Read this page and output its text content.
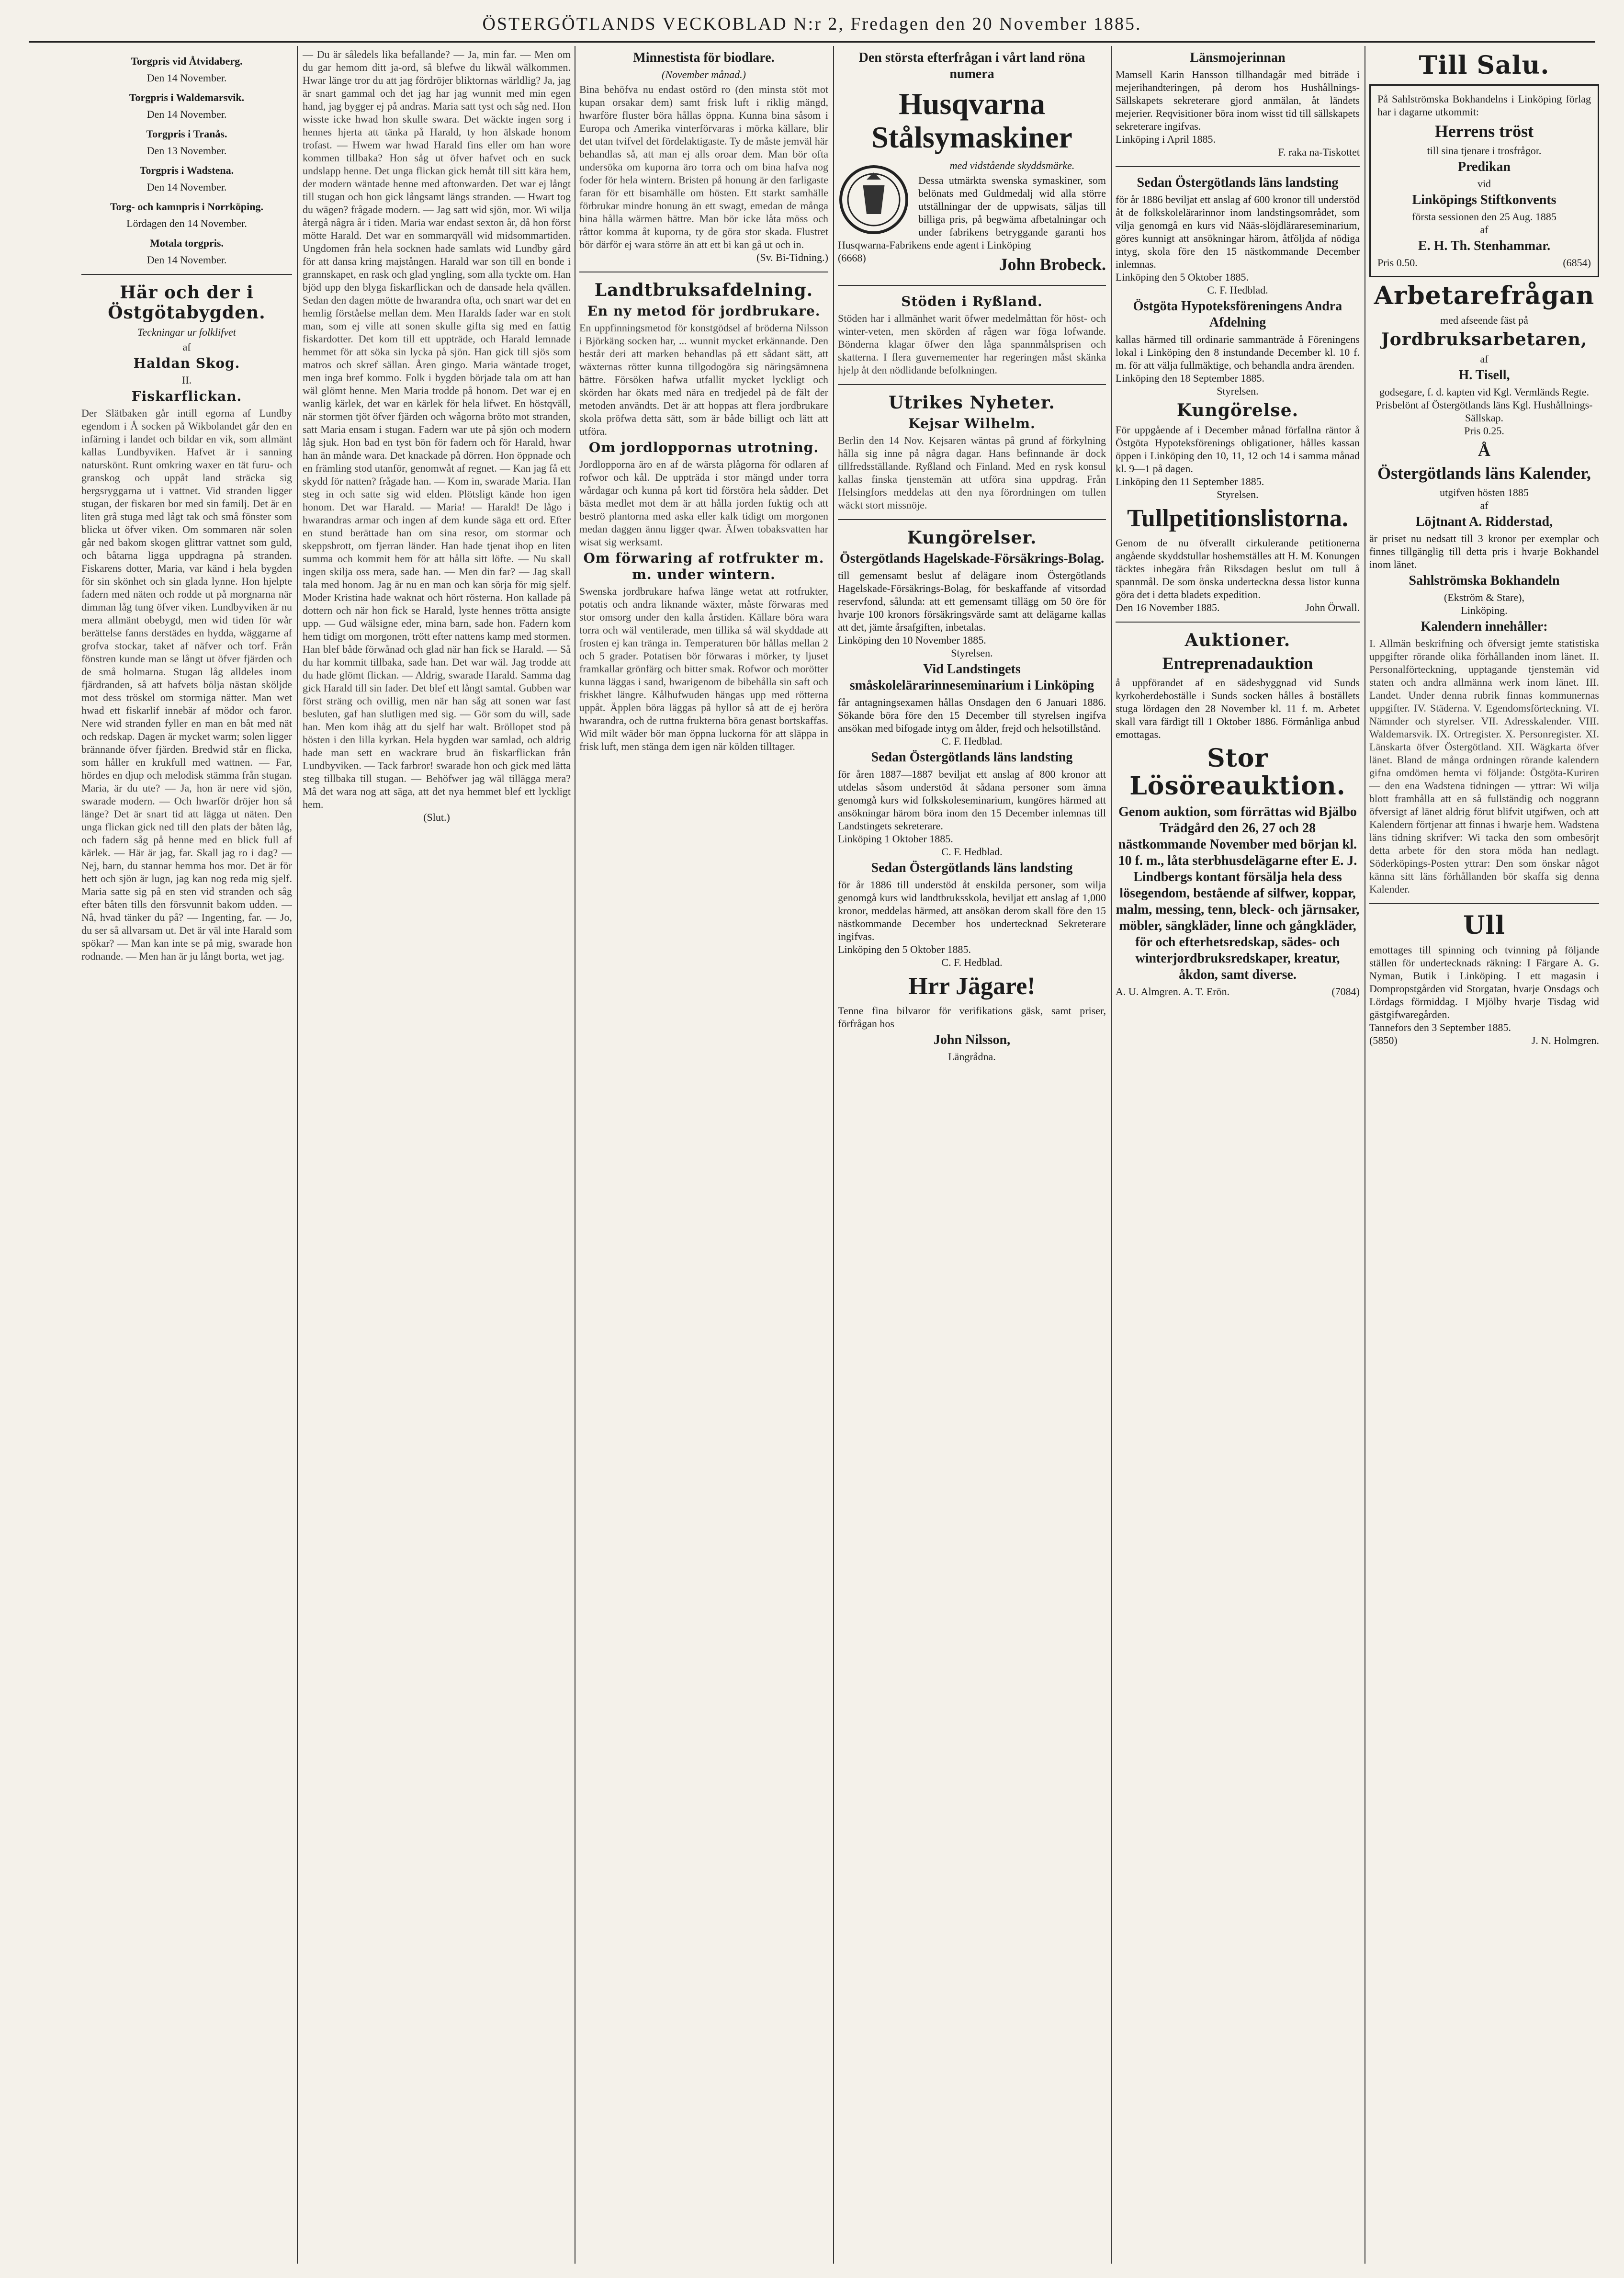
ÖSTERGÖTLANDS VECKOBLAD N:r 2, Fredagen den 20 November 1885.
Torgpris vid Åtvidaberg.
Den 14 November.
Torgpris i Waldemarsvik.
Den 14 November.
Torgpris i Tranås.
Den 13 November.
Torgpris i Wadstena.
Den 14 November.
Torg- och kamnpris i Norrköping.
Lördagen den 14 November.
Motala torgpris.
Den 14 November.
Här och der i Östgötabygden.
Teckningar ur folklifvet
af
Haldan Skog.
II.
Fiskarflickan.
Der Slätbaken går intill egorna af Lundby egendom i Å socken på Wikbolandet går den en infärning i landet och bildar en vik, som allmänt kallas Lundbyviken. Hafvet är i sanning naturskönt. Runt omkring waxer en tät furu- och granskog och uppåt land sträcka sig bergsryggarna ut i vattnet. Vid stranden ligger stugan, der fiskaren bor med sin familj. Det är en liten grå stuga med lågt tak och små fönster som blicka ut öfver viken. Om sommaren när solen går ned bakom skogen glittrar vattnet som guld, och båtarna ligga uppdragna på stranden. Fiskarens dotter, Maria, var känd i hela bygden för sin skönhet och sin glada lynne. Hon hjelpte fadern med näten och rodde ut på morgnarna när dimman låg tung öfver viken. Lundbyviken är nu mera allmänt obebygd, men wid tiden för wår berättelse fanns derstädes en hydda, wäggarne af grofva stockar, taket af näfver och torf. Från fönstren kunde man se långt ut öfver fjärden och de små holmarna. Stugan låg alldeles inom fjärdranden, så att hafvets bölja nästan sköljde mot dess tröskel om stormiga nätter. Man wet hwad ett fiskarlif innebär af mödor och faror. Nere wid stranden fyller en man en båt med nät och redskap. Dagen är mycket warm; solen ligger brännande öfver fjärden. Bredwid står en flicka, som håller en krukfull med wattnen. — Far, hördes en djup och melodisk stämma från stugan. Maria, är du ute? — Ja, hon är nere vid sjön, swarade modern. — Och hwarför dröjer hon så länge? Det är snart tid att lägga ut näten. Den unga flickan gick ned till den plats der båten låg, och fadern såg på henne med en blick full af kärlek. — Här är jag, far. Skall jag ro i dag? — Nej, barn, du stannar hemma hos mor. Det är för hett och sjön är lugn, jag kan nog reda mig sjelf. Maria satte sig på en sten vid stranden och såg efter båten tills den försvunnit bakom udden. — Nå, hvad tänker du på? — Ingenting, far. — Jo, du ser så allvarsam ut. Det är väl inte Harald som spökar? — Man kan inte se på mig, swarade hon rodnande. — Men han är ju långt borta, wet jag.
— Du är såledels lika befallande? — Ja, min far. — Men om du gar hemom ditt ja-ord, så blefwe du likwäl wälkommen. Hwar länge tror du att jag fördröjer bliktornas wärldlig? Ja, jag är snart gammal och det jag har jag wunnit med min egen hand, jag bygger ej på andras. Maria satt tyst och såg ned. Hon wisste icke hwad hon skulle swara. Det wäckte ingen sorg i hennes hjerta att tänka på Harald, ty hon älskade honom trofast. — Hwem war hwad Harald fins eller om han wore kommen tillbaka? Hon såg ut öfver hafvet och en suck undslapp henne. Det unga flickan gick hemåt till sitt kära hem, der modern wäntade henne med aftonwarden. Det war ej långt till stugan och hon gick långsamt längs stranden. — Hwart tog du wägen? frågade modern. — Jag satt wid sjön, mor. Wi wilja återgå några år i tiden. Maria war endast sexton år, då hon först mötte Harald. Det war en sommarqväll wid midsommartiden. Ungdomen från hela socknen hade samlats wid Lundby gård för att dansa kring majstången. Harald war son till en bonde i grannskapet, en rask och glad yngling, som alla tyckte om. Han bjöd upp den blyga fiskarflickan och de dansade hela qvällen. Sedan den dagen mötte de hwarandra ofta, och snart war det en hemlig förståelse mellan dem. Men Haralds fader war en stolt man, som ej ville att sonen skulle gifta sig med en fattig fiskardotter. Det kom till ett uppträde, och Harald lemnade hemmet för att söka sin lycka på sjön. Han gick till sjös som matros och skref sällan. Åren gingo. Maria wäntade troget, men inga bref kommo. Folk i bygden började tala om att han wäl glömt henne. Men Maria trodde på honom. Det war ej en wanlig kärlek, det war en kärlek för hela lifwet. En höstqväll, när stormen tjöt öfver fjärden och wågorna bröto mot stranden, satt Maria ensam i stugan. Fadern war ute på sjön och modern låg sjuk. Hon bad en tyst bön för fadern och för Harald, hwar han än månde wara. Det knackade på dörren. Hon öppnade och en främling stod utanför, genomwåt af regnet. — Kan jag få ett skydd för natten? frågade han. — Kom in, swarade Maria. Han steg in och satte sig wid elden. Plötsligt kände hon igen honom. Det war Harald. — Maria! — Harald! De lågo i hwarandras armar och ingen af dem kunde säga ett ord. Efter en stund berättade han om sina resor, om stormar och skeppsbrott, om fjerran länder. Han hade tjenat ihop en liten summa och kommit hem för att hålla sitt löfte. — Nu skall ingen skilja oss mera, sade han. — Men din far? — Jag skall tala med honom. Jag är nu en man och kan sörja för mig sjelf. Moder Kristina hade waknat och hört rösterna. Hon kallade på dottern och när hon fick se Harald, lyste hennes trötta ansigte upp. — Gud wälsigne eder, mina barn, sade hon. Fadern kom hem tidigt om morgonen, trött efter nattens kamp med stormen. Han blef både förwånad och glad när han fick se Harald. — Så du har kommit tillbaka, sade han. Det war wäl. Jag trodde att du hade glömt flickan. — Aldrig, swarade Harald. Samma dag gick Harald till sin fader. Det blef ett långt samtal. Gubben war först sträng och ovillig, men när han såg att sonen war fast besluten, gaf han slutligen med sig. — Gör som du will, sade han. Men kom ihåg att du sjelf har walt. Bröllopet stod på hösten i den lilla kyrkan. Hela bygden war samlad, och aldrig hade man sett en wackrare brud än fiskarflickan från Lundbyviken. — Tack farbror! swarade hon och gick med lätta steg tillbaka till stugan. — Behöfwer jag wäl tillägga mera? Må det wara nog att säga, att det nya hemmet blef ett lyckligt hem.
(Slut.)
Minnestista för biodlare.
(November månad.)
Bina behöfva nu endast ostörd ro (den minsta stöt mot kupan orsakar dem) samt frisk luft i riklig mängd, hwarföre fluster böra hållas öppna. Kunna bina såsom i Europa och Amerika vinterförvaras i mörka källare, blir det utan tvifvel det fördelaktigaste. Ty de måste jemväl här behandlas så, att man ej alls oroar dem. Man bör ofta undersöka om kuporna äro torra och om bina hafva nog foder för hela wintern. Bristen på honung är den farligaste faran för ett bisamhälle om hösten. Ett starkt samhälle förbrukar mindre honung än ett swagt, emedan de många bina hålla wärmen bättre. Man bör icke låta möss och råttor komma åt kuporna, ty de göra stor skada. Flustret bör därför ej wara större än att ett bi kan gå ut och in.
(Sv. Bi-Tidning.)
Landtbruksafdelning.
En ny metod för jordbrukare.
En uppfinningsmetod för konstgödsel af bröderna Nilsson i Björkäng socken har, ... wunnit mycket erkännande. Den består deri att marken behandlas på ett sådant sätt, att wäxternas rötter kunna tillgodogöra sig näringsämnena bättre. Försöken hafwa utfallit mycket lyckligt och skörden har ökats med nära en tredjedel på de fält der metoden användts. Det är att hoppas att flera jordbrukare skola pröfwa detta sätt, som är både billigt och lätt att utföra.
Om jordloppornas utrotning.
Jordlopporna äro en af de wärsta plågorna för odlaren af rofwor och kål. De uppträda i stor mängd under torra wårdagar och kunna på kort tid förstöra hela sådder. Det bästa medlet mot dem är att hålla jorden fuktig och att beströ plantorna med aska eller kalk tidigt om morgonen medan daggen ännu ligger qwar. Äfwen tobaksvatten har wisat sig werksamt.
Om förwaring af rotfrukter m. m. under wintern.
Swenska jordbrukare hafwa länge wetat att rotfrukter, potatis och andra liknande wäxter, måste förwaras med stor omsorg under den kalla årstiden. Källare böra wara torra och wäl ventilerade, men tillika så wäl skyddade att frosten ej kan tränga in. Temperaturen bör hållas mellan 2 och 5 grader. Potatisen bör förwaras i mörker, ty ljuset framkallar grönfärg och bitter smak. Rofwor och morötter kunna läggas i sand, hwarigenom de bibehålla sin saft och friskhet längre. Kålhufwuden hängas upp med rötterna uppåt. Äpplen böra läggas på hyllor så att de ej beröra hwarandra, och de ruttna frukterna böra genast bortskaffas. Wid milt wäder bör man öppna luckorna för att släppa in frisk luft, men stänga dem igen när kölden tilltager.
Den största efterfrågan i vårt land röna numera
Husqvarna Stålsymaskiner
med vidstående skyddsmärke.
Dessa utmärkta swenska symaskiner, som belönats med Guldmedalj wid alla större utställningar der de uppwisats, säljas till billiga pris, på begwäma afbetalningar och under fabrikens betryggande garanti hos Husqwarna-Fabrikens ende agent i Linköping
(6668)	John Brobeck.
Stöden i Ryßland.
Stöden har i allmänhet warit öfwer medelmåttan för höst- och winter-veten, men skörden af rågen war föga lofwande. Bönderna klagar öfwer den låga spannmålsprisen och skatterna. I flera guvernementer har regeringen måst skänka hjelp åt den nödlidande befolkningen.
Utrikes Nyheter.
Kejsar Wilhelm.
Berlin den 14 Nov. Kejsaren wäntas på grund af förkylning hålla sig inne på några dagar. Hans befinnande är dock tillfredsställande. Ryßland och Finland. Med en rysk konsul kallas finska tjenstemän att utföra sina uppdrag. Från Helsingfors meddelas att den nya förordningen om tullen wäckt stort missnöje.
Kungörelser.
Östergötlands Hagelskade-Försäkrings-Bolag.
till gemensamt beslut af delägare inom Östergötlands Hagelskade-Försäkrings-Bolag, för beskaffande af vitsordad reservfond, sålunda: att ett gemensamt tillägg om 50 öre för hvarje 100 kronors försäkringsvärde samt att delägarne kallas att det, jämte årsafgiften, inbetalas.
Linköping den 10 November 1885.
Styrelsen.
Vid Landstingets småskolelärarinneseminarium i Linköping
får antagningsexamen hållas Onsdagen den 6 Januari 1886. Sökande böra före den 15 December till styrelsen ingifva ansökan med bifogade intyg om ålder, frejd och helsotillstånd.
C. F. Hedblad.
Sedan Östergötlands läns landsting
för åren 1887—1887 beviljat ett anslag af 800 kronor att utdelas såsom understöd åt sådana personer som ämna genomgå kurs wid folkskoleseminarium, kungöres härmed att ansökningar härom böra inom den 15 December inlemnas till Landstingets sekreterare.
Linköping 1 Oktober 1885.
C. F. Hedblad.
Sedan Östergötlands läns landsting
för år 1886 till understöd åt enskilda personer, som wilja genomgå kurs wid landtbruksskola, beviljat ett anslag af 1,000 kronor, meddelas härmed, att ansökan derom skall före den 15 nästkommande December hos undertecknad Sekreterare ingifvas.
Linköping den 5 Oktober 1885.
C. F. Hedblad.
Hrr Jägare!
Tenne fina bilvaror för verifikations gäsk, samt priser, förfrågan hos
John Nilsson,
Längrådna.
Länsmojerinnan
Mamsell Karin Hansson tillhandagår med biträde i mejerihandteringen, på derom hos Hushållnings-Sällskapets sekreterare gjord anmälan, åt ländets mejerier. Reqvisitioner böra inom wisst tid till sällskapets sekreterare ingifvas.
Linköping i April 1885.
F. raka na-Tiskottet
Sedan Östergötlands läns landsting
för år 1886 beviljat ett anslag af 600 kronor till understöd åt de folkskolelärarinnor inom landstingsområdet, som vilja genomgå en kurs vid Nääs-slöjdlärareseminarium, göres kunnigt att ansökningar härom, åtföljda af nödiga intyg, skola före den 15 nästkommande December inlemnas.
Linköping den 5 Oktober 1885.
C. F. Hedblad.
Östgöta Hypoteksföreningens Andra Afdelning
kallas härmed till ordinarie sammanträde å Föreningens lokal i Linköping den 8 instundande December kl. 10 f. m. för att välja fullmäktige, och behandla andra ärenden.
Linköping den 18 September 1885.
Styrelsen.
Kungörelse.
För uppgående af i December månad förfallna räntor å Östgöta Hypoteksförenings obligationer, hålles kassan öppen i Linköping den 10, 11, 12 och 14 i samma månad kl. 9—1 på dagen.
Linköping den 11 September 1885.
Styrelsen.
Tullpetitionslistorna.
Genom de nu öfverallt cirkulerande petitionerna angående skyddstullar hoshemställes att H. M. Konungen täcktes inbegära från Riksdagen beslut om tull å spannmål. De som önska underteckna dessa listor kunna göra det i detta bladets expedition.
Den 16 November 1885.	John Örwall.
Auktioner.
Entreprenadauktion
å uppförandet af en sädesbyggnad vid Sunds kyrkoherdeboställe i Sunds socken hålles å boställets stuga lördagen den 28 November kl. 11 f. m. Arbetet skall vara färdigt till 1 Oktober 1886. Förmånliga anbud emottagas.
Stor Lösöreauktion.
Genom auktion, som förrättas wid Bjälbo Trädgård den 26, 27 och 28 nästkommande November med början kl. 10 f. m., låta sterbhusdelägarne efter E. J. Lindbergs kontant försälja hela dess lösegendom, bestående af silfwer, koppar, malm, messing, tenn, bleck- och järnsaker, möbler, sängkläder, linne och gångkläder, för och efterhetsredskap, sädes- och winterjordbruksredskaper, kreatur, åkdon, samt diverse.
A. U. Almgren. A. T. Erön.	(7084)
Till Salu.
På Sahlströmska Bokhandelns i Linköping förlag har i dagarne utkommit:
Herrens tröst
till sina tjenare i trosfrågor.
Predikan
vid
Linköpings Stiftkonvents
första sessionen den 25 Aug. 1885
af
E. H. Th. Stenhammar.
Pris 0.50.	(6854)
Arbetarefrågan
med afseende fäst på
Jordbruksarbetaren,
af
H. Tisell,
godsegare, f. d. kapten vid Kgl. Vermländs Regte. Prisbelönt af Östergötlands läns Kgl. Hushållnings-Sällskap.
Pris 0.25.
Å
Östergötlands läns Kalender,
utgifven hösten 1885
af
Löjtnant A. Ridderstad,
är priset nu nedsatt till 3 kronor per exemplar och finnes tillgänglig till detta pris i hvarje Bokhandel inom länet.
Sahlströmska Bokhandeln
(Ekström & Stare),
Linköping.
Kalendern innehåller:
I. Allmän beskrifning och öfversigt jemte statistiska uppgifter rörande olika förhållanden inom länet. II. Personalförteckning, upptagande tjenstemän vid staten och andra allmänna werk inom länet. III. Landet. Under denna rubrik finnas kommunernas uppgifter. IV. Städerna. V. Egendomsförteckning. VI. Nämnder och styrelser. VII. Adresskalender. VIII. Waldemarsvik. IX. Ortregister. X. Personregister. XI. Länskarta öfver Östergötland. XII. Wägkarta öfver länet. Bland de många ordningen rörande kalendern gifna omdömen hemta vi följande: Östgöta-Kuriren — den ena Wadstena tidningen — yttrar: Wi wilja blott framhålla att en så fullständig och noggrann öfversigt af länet aldrig förut blifvit utgifwen, och att Kalendern förtjenar att finnas i hwarje hem. Wadstena läns tidning skrifver: Wi tacka den som ombesörjt detta arbete för den stora möda han nedlagt. Söderköpings-Posten yttrar: Den som önskar något känna sitt läns förhållanden bör skaffa sig denna Kalender.
Ull
emottages till spinning och tvinning på följande ställen för undertecknads räkning: I Färgare A. G. Nyman, Butik i Linköping. I ett magasin i Dompropstgården vid Storgatan, hvarje Onsdags och Lördags förmiddag. I Mjölby hvarje Tisdag wid gästgifwaregården.
Tannefors den 3 September 1885.
(5850)	J. N. Holmgren.
